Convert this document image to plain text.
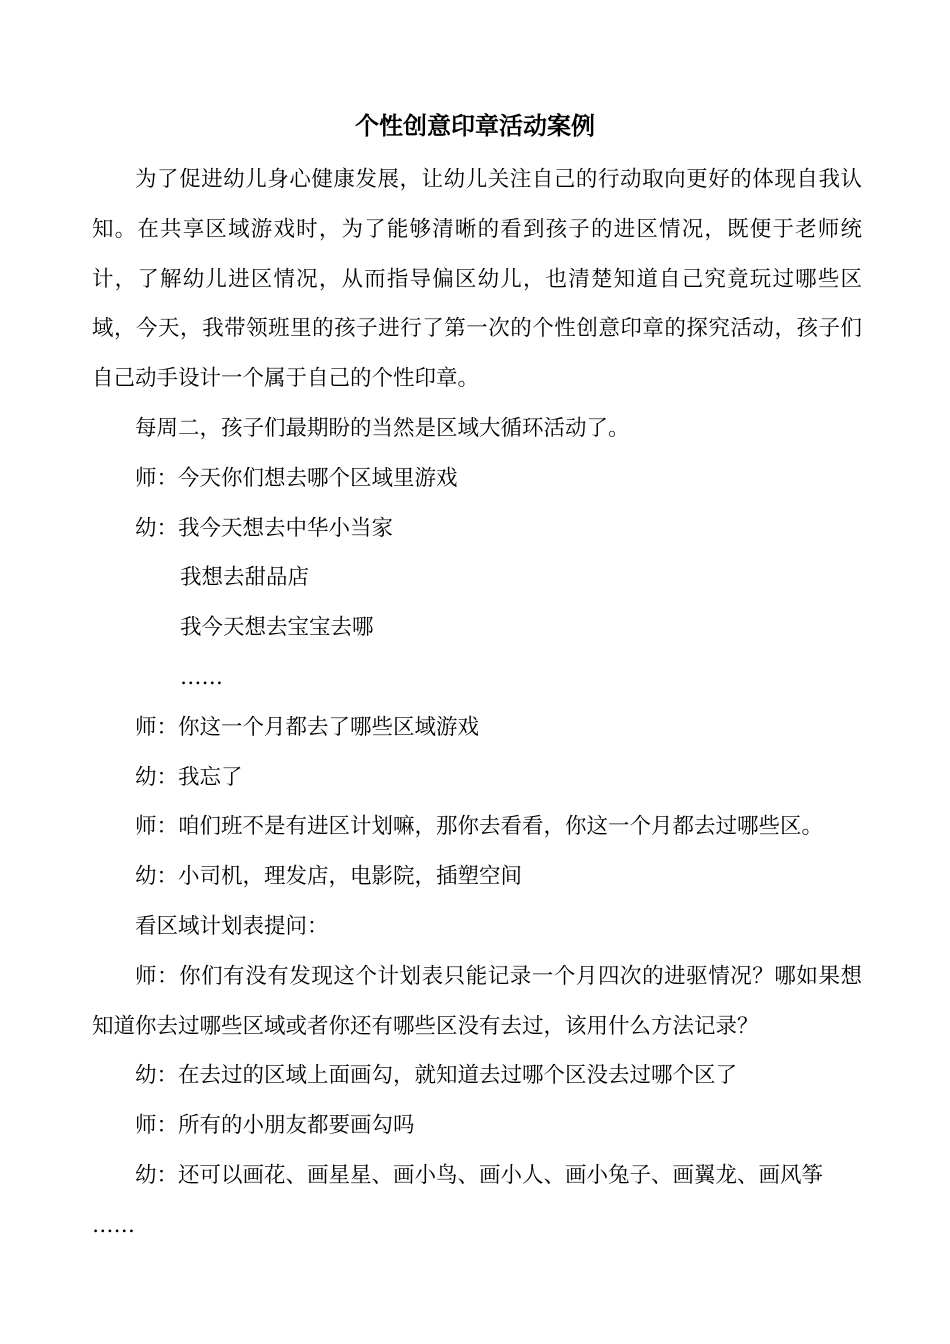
个性创意印章活动案例

为了促进幼儿身心健康发展，让幼儿关注自己的行动取向更好的体现自我认知。在共享区域游戏时，为了能够清晰的看到孩子的进区情况，既便于老师统计，了解幼儿进区情况，从而指导偏区幼儿，也清楚知道自己究竟玩过哪些区域，今天，我带领班里的孩子进行了第一次的个性创意印章的探究活动，孩子们自己动手设计一个属于自己的个性印章。

每周二，孩子们最期盼的当然是区域大循环活动了。

师：今天你们想去哪个区域里游戏

幼：我今天想去中华小当家

我想去甜品店

我今天想去宝宝去哪

……

师：你这一个月都去了哪些区域游戏

幼：我忘了

师：咱们班不是有进区计划嘛，那你去看看，你这一个月都去过哪些区。

幼：小司机，理发店，电影院，插塑空间

看区域计划表提问：

师：你们有没有发现这个计划表只能记录一个月四次的进驱情况？哪如果想知道你去过哪些区域或者你还有哪些区没有去过，该用什么方法记录？

幼：在去过的区域上面画勾，就知道去过哪个区没去过哪个区了

师：所有的小朋友都要画勾吗

幼：还可以画花、画星星、画小鸟、画小人、画小兔子、画翼龙、画风筝

……
